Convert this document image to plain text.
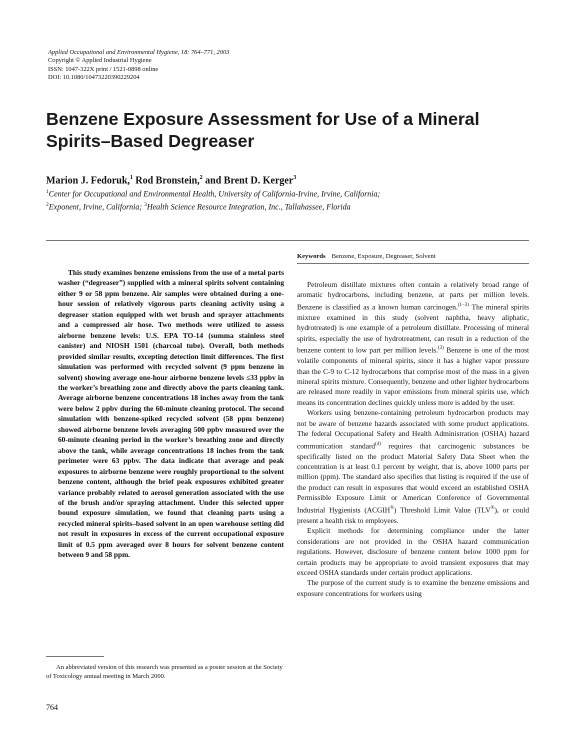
Applied Occupational and Environmental Hygiene, 18: 764–771, 2003
Copyright © Applied Industrial Hygiene
ISSN: 1047-322X print / 1521-0898 online
DOI: 10.1080/10473220390229204
Benzene Exposure Assessment for Use of a Mineral Spirits–Based Degreaser
Marion J. Fedoruk,$^1$ Rod Bronstein,$^2$ and Brent D. Kerger$^3$
$^1$Center for Occupational and Environmental Health, University of California-Irvine, Irvine, California;
$^2$Exponent, Irvine, California; $^3$Health Science Resource Integration, Inc., Tallahassee, Florida
Keywords Benzene, Exposure, Degreaser, Solvent

This study examines benzene emissions from the use of a metal parts washer (“degreaser”) supplied with a mineral spirits solvent containing either 9 or 58 ppm benzene. Air samples were obtained during a one-hour session of relatively vigorous parts cleaning activity using a degreaser station equipped with wet brush and sprayer attachments and a compressed air hose. Two methods were utilized to assess airborne benzene levels: U.S. EPA TO-14 (summa stainless steel canister) and NIOSH 1501 (charcoal tube). Overall, both methods provided similar results, excepting detection limit differences. The first simulation was performed with recycled solvent (9 ppm benzene in solvent) showing average one-hour airborne benzene levels ≤33 ppbv in the worker’s breathing zone and directly above the parts cleaning tank. Average airborne benzene concentrations 18 inches away from the tank were below 2 ppbv during the 60-minute cleaning protocol. The second simulation with benzene-spiked recycled solvent (58 ppm benzene) showed airborne benzene levels averaging 500 ppbv measured over the 60-minute cleaning period in the worker’s breathing zone and directly above the tank, while average concentrations 18 inches from the tank perimeter were 63 ppbv. The data indicate that average and peak exposures to airborne benzene were roughly proportional to the solvent benzene content, although the brief peak exposures exhibited greater variance probably related to aerosol generation associated with the use of the brush and/or spraying attachment. Under this selected upper bound exposure simulation, we found that cleaning parts using a recycled mineral spirits–based solvent in an open warehouse setting did not result in exposures in excess of the current occupational exposure limit of 0.5 ppm averaged over 8 hours for solvent benzene content between 9 and 58 ppm.

Petroleum distillate mixtures often contain a relatively broad range of aromatic hydrocarbons, including benzene, at parts per million levels. Benzene is classified as a known human carcinogen.$^{(1-3)}$ The mineral spirits mixture examined in this study (solvent naphtha, heavy aliphatic, hydrotreated) is one example of a petroleum distillate. Processing of mineral spirits, especially the use of hydrotreatment, can result in a reduction of the benzene content to low part per million levels.$^{(3)}$ Benzene is one of the most volatile components of mineral spirits, since it has a higher vapor pressure than the C-9 to C-12 hydrocarbons that comprise most of the mass in a given mineral spirits mixture. Consequently, benzene and other lighter hydrocarbons are released more readily in vapor emissions from mineral spirits use, which means its concentration declines quickly unless more is added by the user.

Workers using benzene-containing petroleum hydrocarbon products may not be aware of benzene hazards associated with some product applications. The federal Occupational Safety and Health Administration (OSHA) hazard communication standard$^{(4)}$ requires that carcinogenic substances be specifically listed on the product Material Safety Data Sheet when the concentration is at least 0.1 percent by weight, that is, above 1000 parts per million (ppm). The standard also specifies that listing is required if the use of the product can result in exposures that would exceed an established OSHA Permissible Exposure Limit or American Conference of Governmental Industrial Hygienists (ACGIH®) Threshold Limit Value (TLV®), or could present a health risk to employees.

Explicit methods for determining compliance under the latter considerations are not provided in the OSHA hazard communication regulations. However, disclosure of benzene content below 1000 ppm for certain products may be appropriate to avoid transient exposures that may exceed OSHA standards under certain product applications.

The purpose of the current study is to examine the benzene emissions and exposure concentrations for workers using

An abbreviated version of this research was presented as a poster session at the Society of Toxicology annual meeting in March 2000.

764
